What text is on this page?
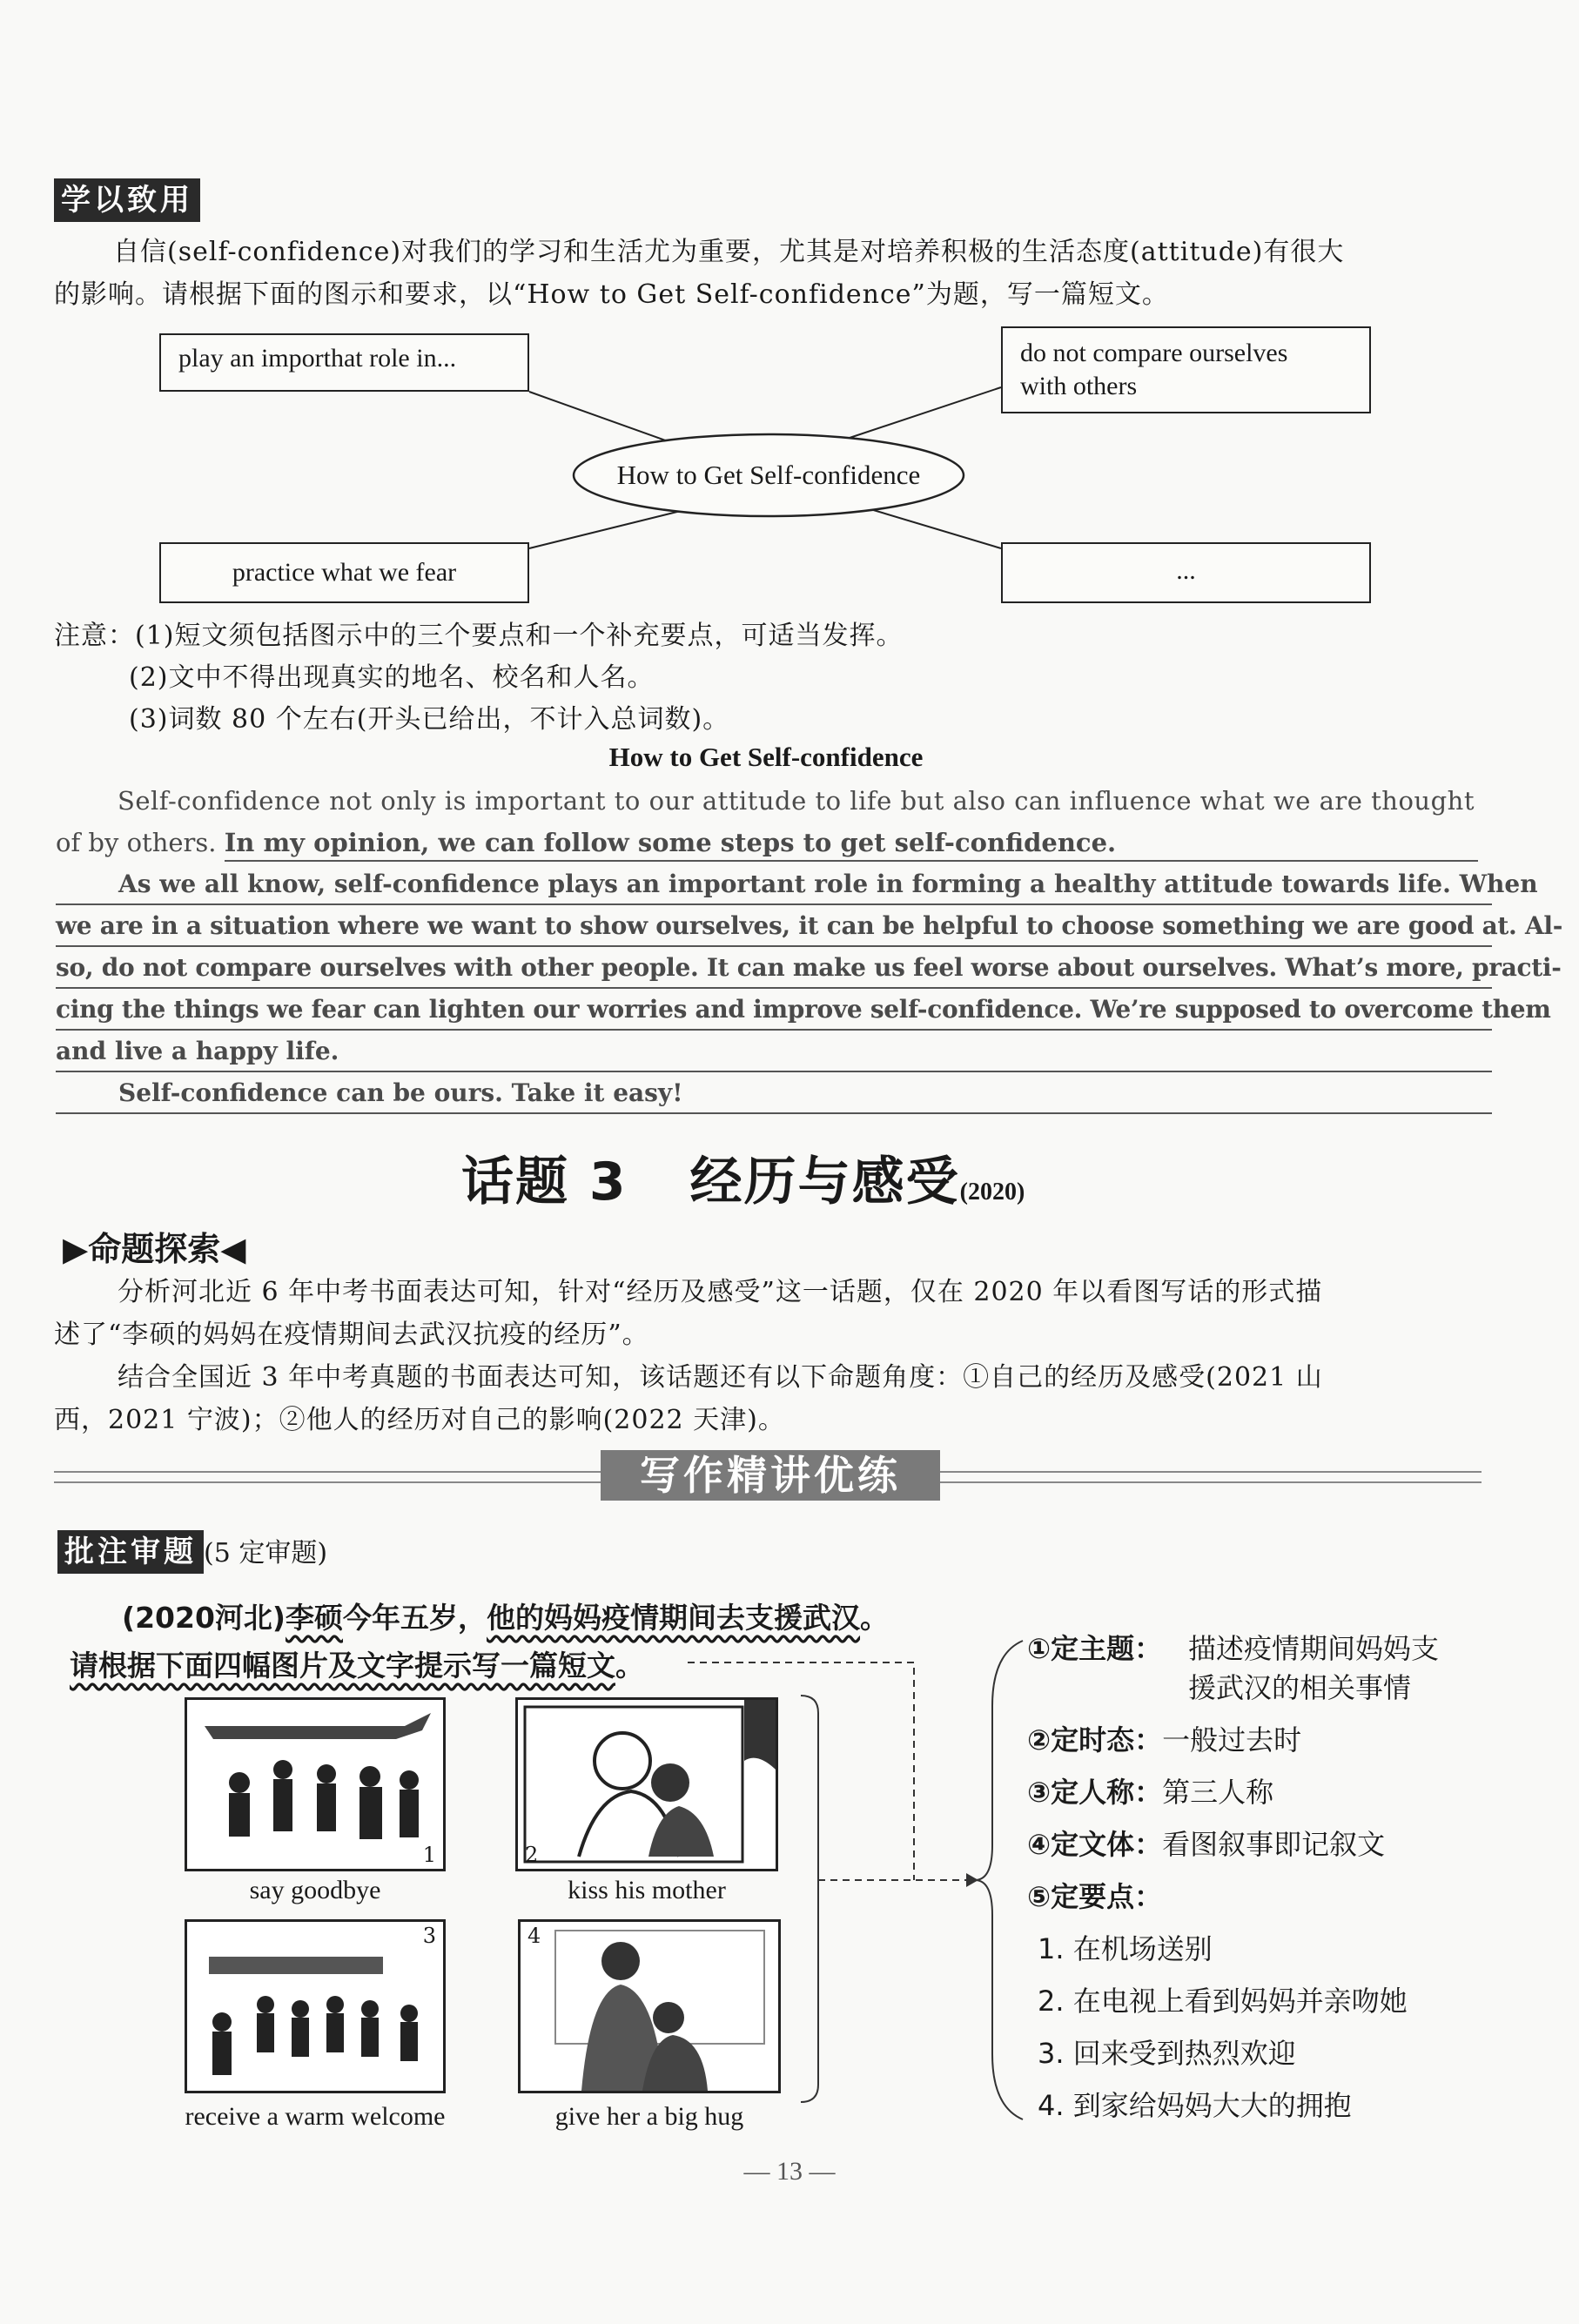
学以致用
自信(self-confidence)对我们的学习和生活尤为重要，尤其是对培养积极的生活态度(attitude)有很大
的影响。请根据下面的图示和要求，以“How to Get Self-confidence”为题，写一篇短文。
How to Get Self-confidence
play an importhat role in...	do not compare ourselves
with others
practice what we fear	...
注意：(1)短文须包括图示中的三个要点和一个补充要点，可适当发挥。
(2)文中不得出现真实的地名、校名和人名。
(3)词数 80 个左右(开头已给出，不计入总词数)。
How to Get Self-confidence
Self-confidence not only is important to our attitude to life but also can influence what we are thought
of by others. In my opinion, we can follow some steps to get self-confidence.
As we all know, self-confidence plays an important role in forming a healthy attitude towards life. When
we are in a situation where we want to show ourselves, it can be helpful to choose something we are good at. Al-
so, do not compare ourselves with other people. It can make us feel worse about ourselves. What’s more, practi-
cing the things we fear can lighten our worries and improve self-confidence. We’re supposed to overcome them
and live a happy life.
Self-confidence can be ours. Take it easy!
话题 3 经历与感受(2020)
▶命题探索◀
分析河北近 6 年中考书面表达可知，针对“经历及感受”这一话题，仅在 2020 年以看图写话的形式描
述了“李硕的妈妈在疫情期间去武汉抗疫的经历”。
结合全国近 3 年中考真题的书面表达可知，该话题还有以下命题角度：①自己的经历及感受(2021 山
西，2021 宁波)；②他人的经历对自己的影响(2022 天津)。
写作精讲优练
批注审题 (5 定审题)
(2020河北)李硕今年五岁，他的妈妈疫情期间去支援武汉。
请根据下面四幅图片及文字提示写一篇短文。
1
say goodbye
2
kiss his mother
3
receive a warm welcome
4
give her a big hug
①定主题： 描述疫情期间妈妈支
援武汉的相关事情
②定时态：一般过去时
③定人称：第三人称
④定文体：看图叙事即记叙文
⑤定要点：
1. 在机场送别
2. 在电视上看到妈妈并亲吻她
3. 回来受到热烈欢迎
4. 到家给妈妈大大的拥抱
— 13 —
